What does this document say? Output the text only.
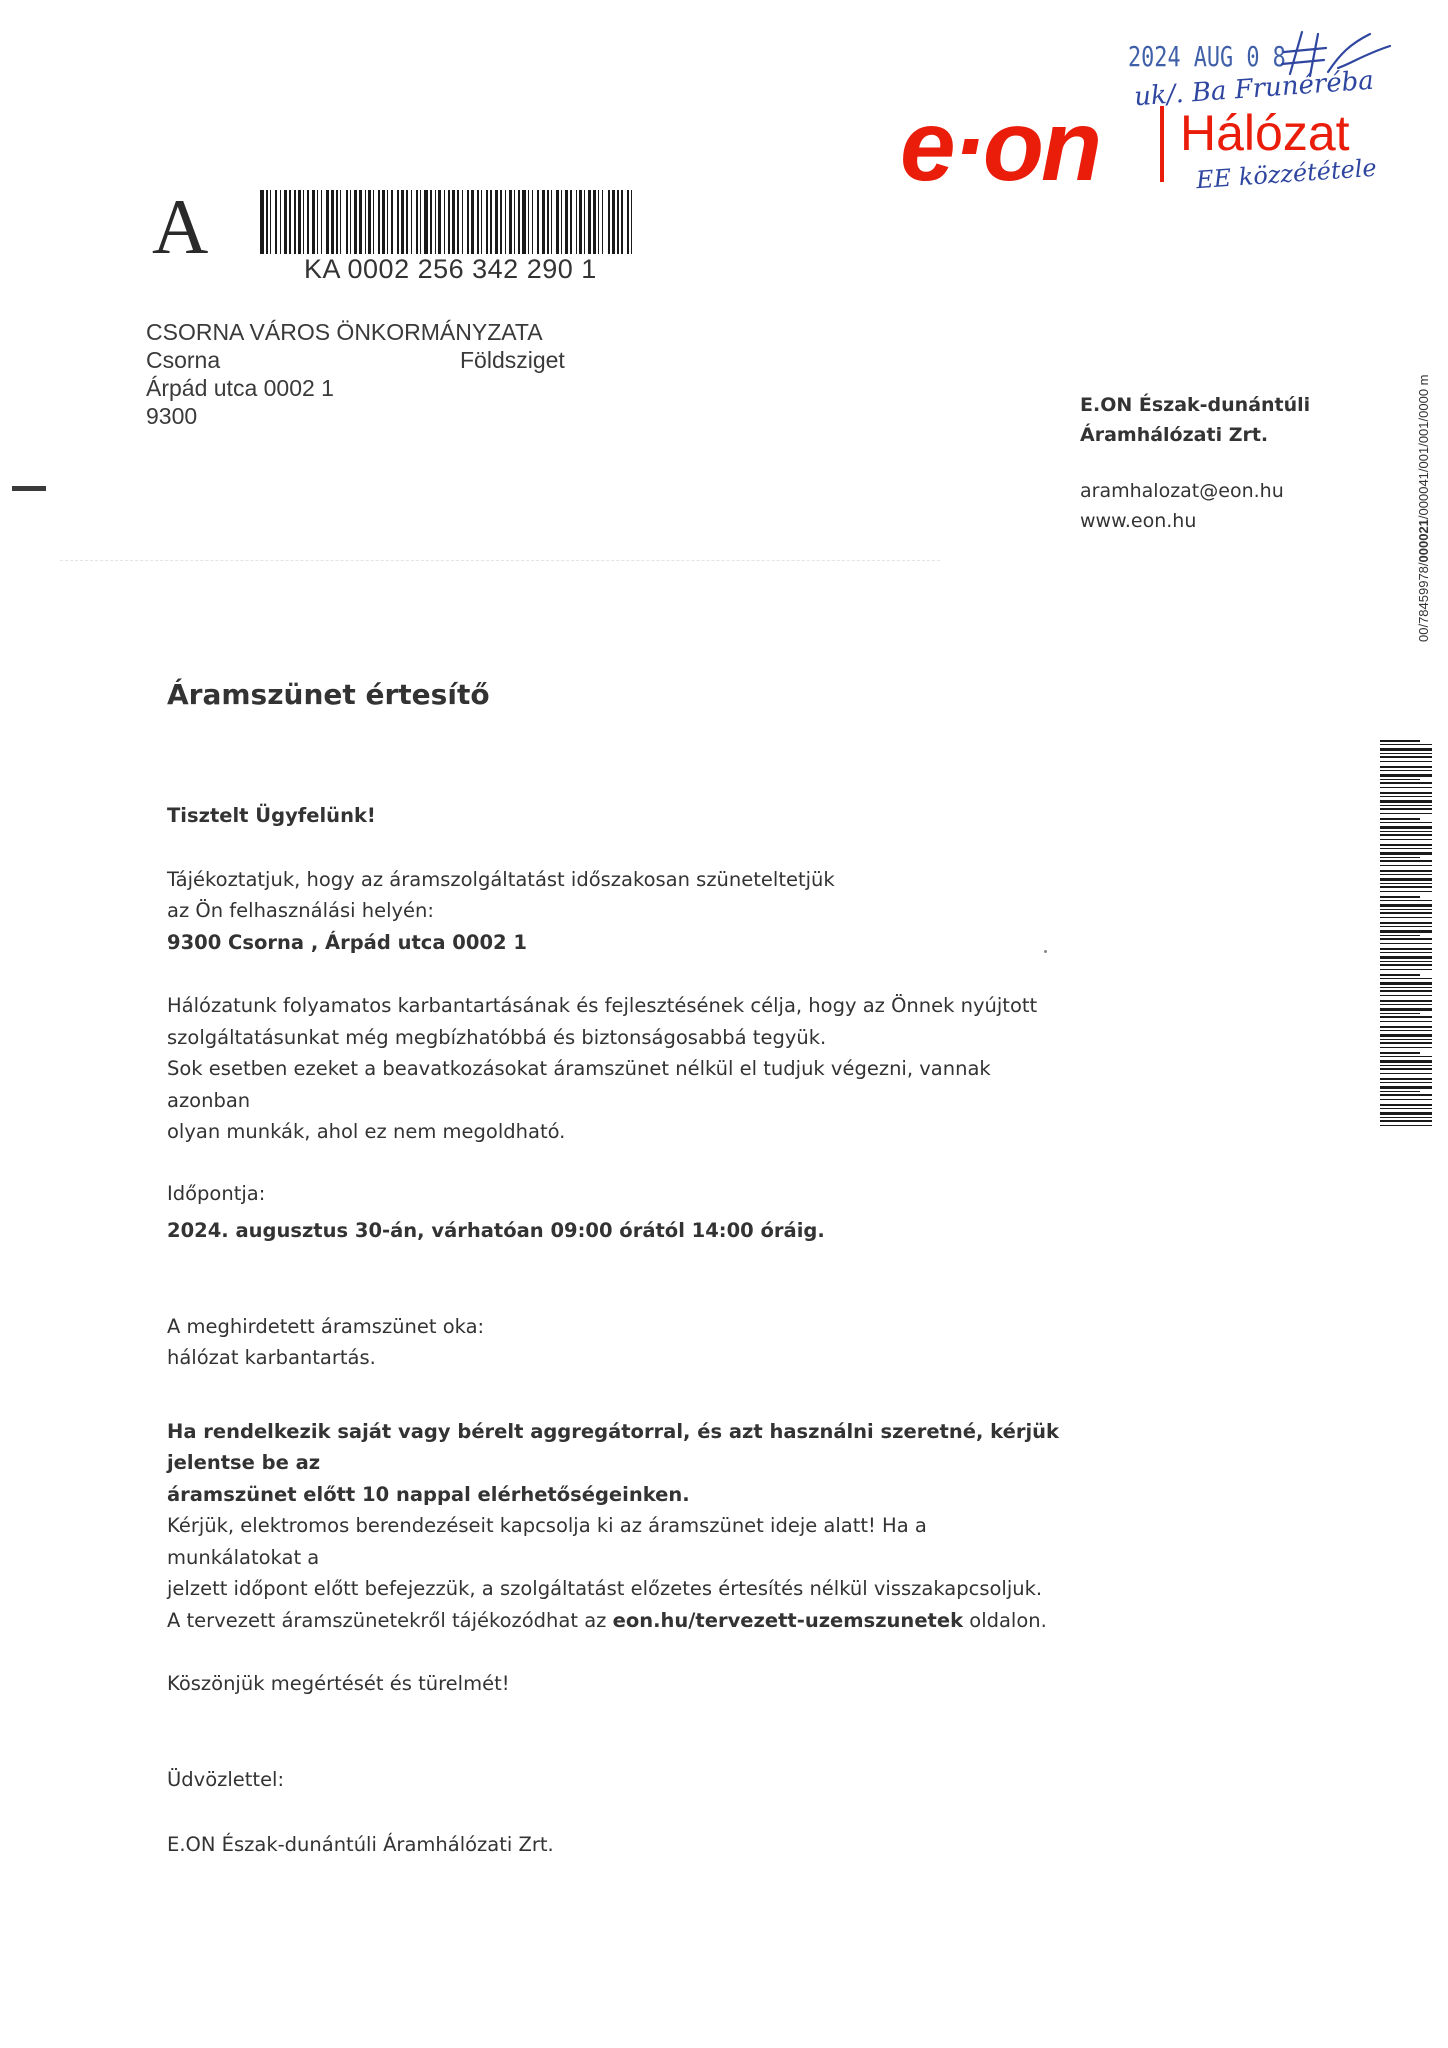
A	KA 0002 256 342 290 1
CSORNA VÁROS ÖNKORMÁNYZATA
Csorna	Földsziget
Árpád utca 0002 1
9300
e·on Hálózat
2024 AUG 0 8
uk/. Ba Frunéréba
EE közzététele
E.ON Észak-dunántúli
Áramhálózati Zrt.
aramhalozat@eon.hu
www.eon.hu
00/78459978/000021/000041/001/001/0000 m
Áramszünet értesítő

Tisztelt Ügyfelünk!

Tájékoztatjuk, hogy az áramszolgáltatást időszakosan szüneteltetjük

az Ön felhasználási helyén:

9300 Csorna , Árpád utca 0002 1

Hálózatunk folyamatos karbantartásának és fejlesztésének célja, hogy az Önnek nyújtott

szolgáltatásunkat még megbízhatóbbá és biztonságosabbá tegyük.

Sok esetben ezeket a beavatkozásokat áramszünet nélkül el tudjuk végezni, vannak azonban

olyan munkák, ahol ez nem megoldható.

Időpontja:

2024. augusztus 30-án, várhatóan 09:00 órától 14:00 óráig.

A meghirdetett áramszünet oka:

hálózat karbantartás.

Ha rendelkezik saját vagy bérelt aggregátorral, és azt használni szeretné, kérjük jelentse be az

áramszünet előtt 10 nappal elérhetőségeinken.

Kérjük, elektromos berendezéseit kapcsolja ki az áramszünet ideje alatt! Ha a munkálatokat a

jelzett időpont előtt befejezzük, a szolgáltatást előzetes értesítés nélkül visszakapcsoljuk.

A tervezett áramszünetekről tájékozódhat az eon.hu/tervezett-uzemszunetek oldalon.

Köszönjük megértését és türelmét!

Üdvözlettel:

E.ON Észak-dunántúli Áramhálózati Zrt.
